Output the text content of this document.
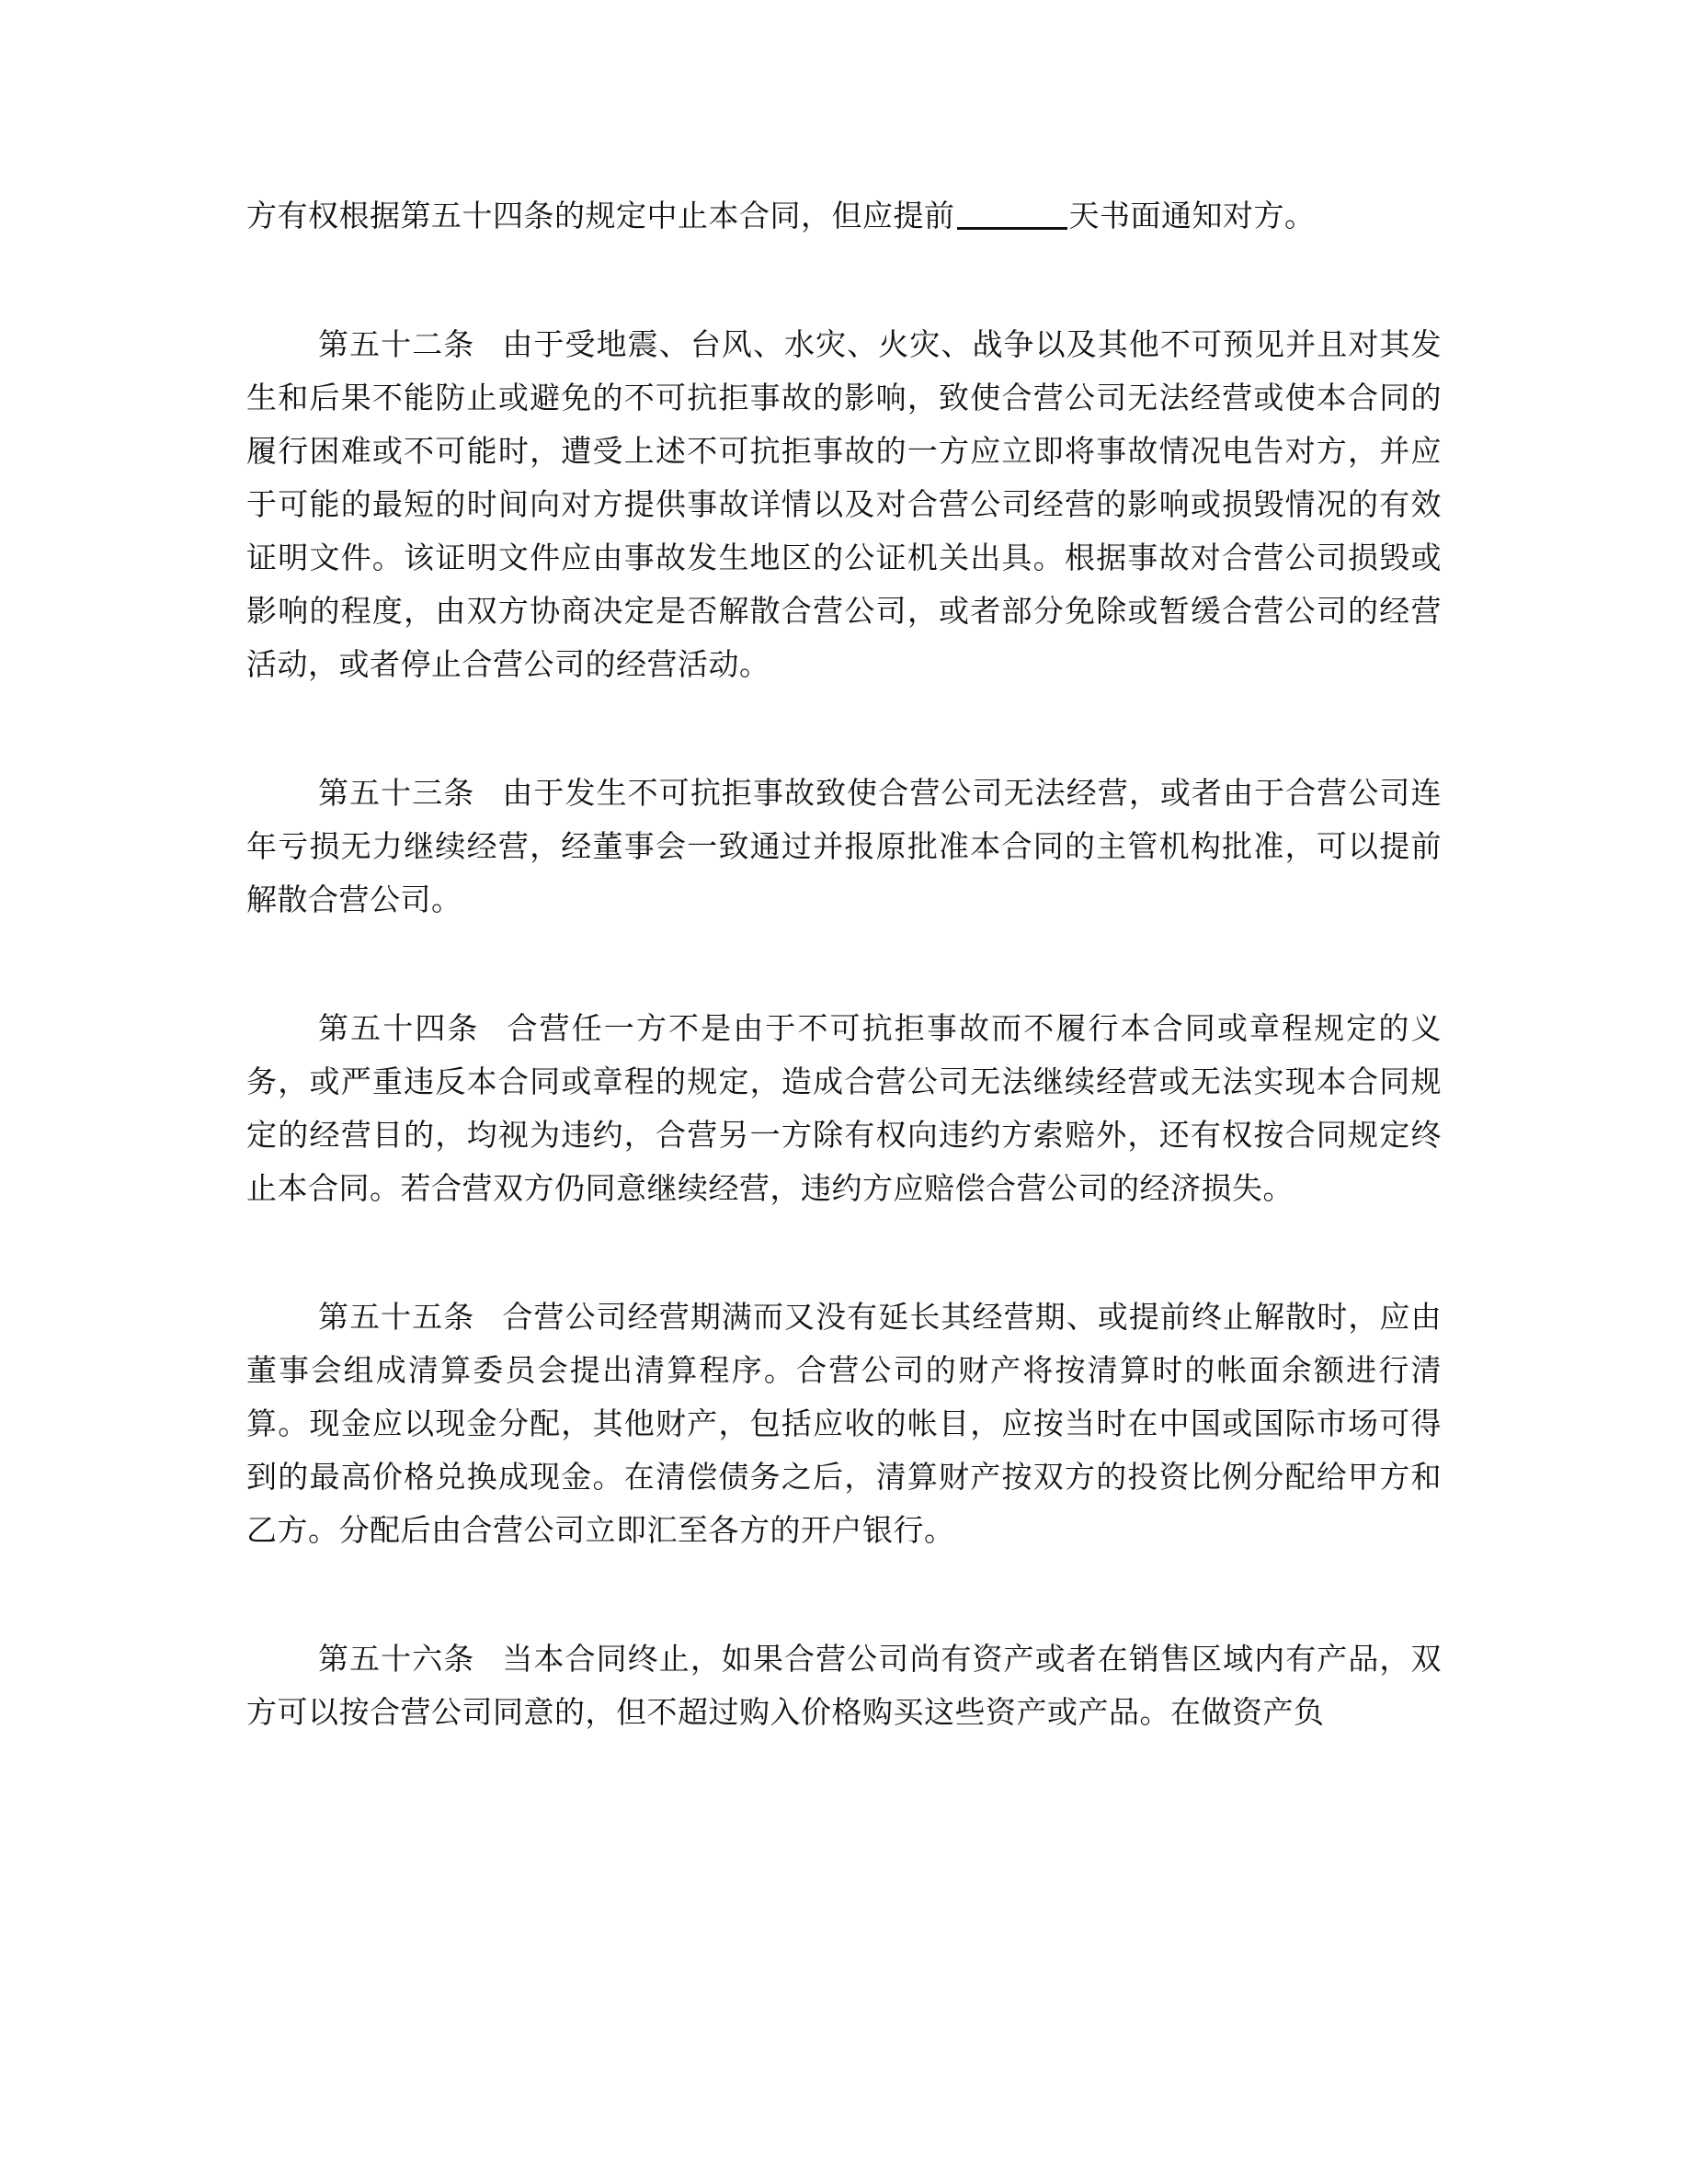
方有权根据第五十四条的规定中止本合同，但应提前	天书面通知对方。

第五十二条 由于受地震、台风、水灾、火灾、战争以及其他不可预见并且对其发生和后果不能防止或避免的不可抗拒事故的影响，致使合营公司无法经营或使本合同的履行困难或不可能时，遭受上述不可抗拒事故的一方应立即将事故情况电告对方，并应于可能的最短的时间向对方提供事故详情以及对合营公司经营的影响或损毁情况的有效证明文件。该证明文件应由事故发生地区的公证机关出具。根据事故对合营公司损毁或影响的程度，由双方协商决定是否解散合营公司，或者部分免除或暂缓合营公司的经营活动，或者停止合营公司的经营活动。

第五十三条 由于发生不可抗拒事故致使合营公司无法经营，或者由于合营公司连年亏损无力继续经营，经董事会一致通过并报原批准本合同的主管机构批准，可以提前解散合营公司。

第五十四条 合营任一方不是由于不可抗拒事故而不履行本合同或章程规定的义务，或严重违反本合同或章程的规定，造成合营公司无法继续经营或无法实现本合同规定的经营目的，均视为违约，合营另一方除有权向违约方索赔外，还有权按合同规定终止本合同。若合营双方仍同意继续经营，违约方应赔偿合营公司的经济损失。

第五十五条 合营公司经营期满而又没有延长其经营期、或提前终止解散时，应由董事会组成清算委员会提出清算程序。合营公司的财产将按清算时的帐面余额进行清算。现金应以现金分配，其他财产，包括应收的帐目，应按当时在中国或国际市场可得到的最高价格兑换成现金。在清偿债务之后，清算财产按双方的投资比例分配给甲方和乙方。分配后由合营公司立即汇至各方的开户银行。

第五十六条 当本合同终止，如果合营公司尚有资产或者在销售区域内有产品，双方可以按合营公司同意的，但不超过购入价格购买这些资产或产品。在做资产负
